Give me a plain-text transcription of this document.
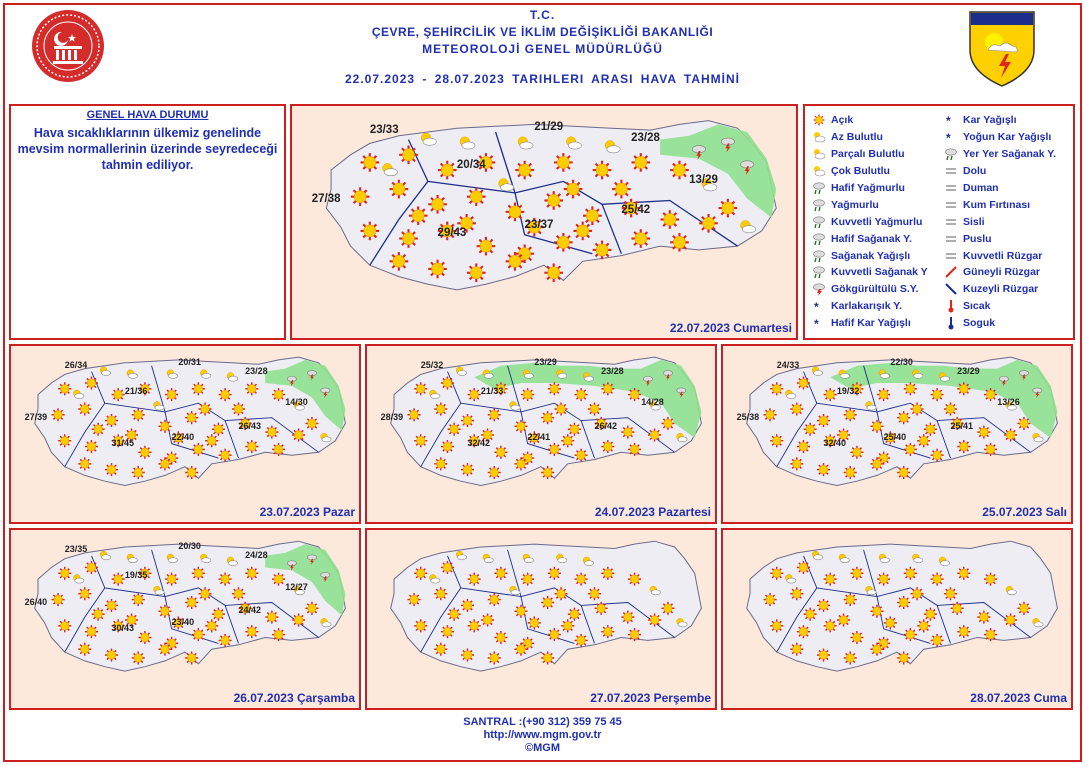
T.C.
ÇEVRE, ŞEHİRCİLİK VE İKLİM DEĞİŞİKLİĞİ BAKANLIĞI
METEOROLOJİ GENEL MÜDÜRLÜĞÜ
22.07.2023 - 28.07.2023 TARIHLERI ARASI HAVA TAHMİNİ
GENEL HAVA DURUMU
Hava sıcaklıklarının ülkemiz genelinde mevsim normallerinin üzerinde seyredeceği tahmin ediliyor.
22.07.2023 Cumartesi
23/33	21/29
23/28
20/34
13/29
27/38
29/43
23/37
25/42
Açık
Az Bulutlu
Parçalı Bulutlu
Çok Bulutlu
Hafif Yağmurlu
Yağmurlu
Kuvvetli Yağmurlu
Hafif Sağanak Y.
Sağanak Yağışlı
Kuvvetli Sağanak Y
Gökgürültülü S.Y.
* Karlakarışık Y.
* Hafif Kar Yağışlı
* Kar Yağışlı
* Yoğun Kar Yağışlı
Yer Yer Sağanak Y.
Dolu
Duman
Kum Fırtınası
Sisli
Puslu
Kuvvetli Rüzgar
Güneyli Rüzgar
Kuzeyli Rüzgar
Sıcak
Soguk
23.07.2023 Pazar
26/34	20/31
23/28
21/36
14/30
27/39
31/45
22/40
26/43
24.07.2023 Pazartesi
25/32	23/29
23/28
21/33
14/28
28/39
32/42
22/41
26/42
25.07.2023 Salı
24/33	22/30
23/29
19/32
13/26
25/38
32/40
25/40
25/41
26.07.2023 Çarşamba
23/35	20/30
24/28
19/35
12/27
26/40
30/43
23/40
24/42
27.07.2023 Perşembe	28.07.2023 Cuma
SANTRAL :(+90 312) 359 75 45
http://www.mgm.gov.tr
©MGM
